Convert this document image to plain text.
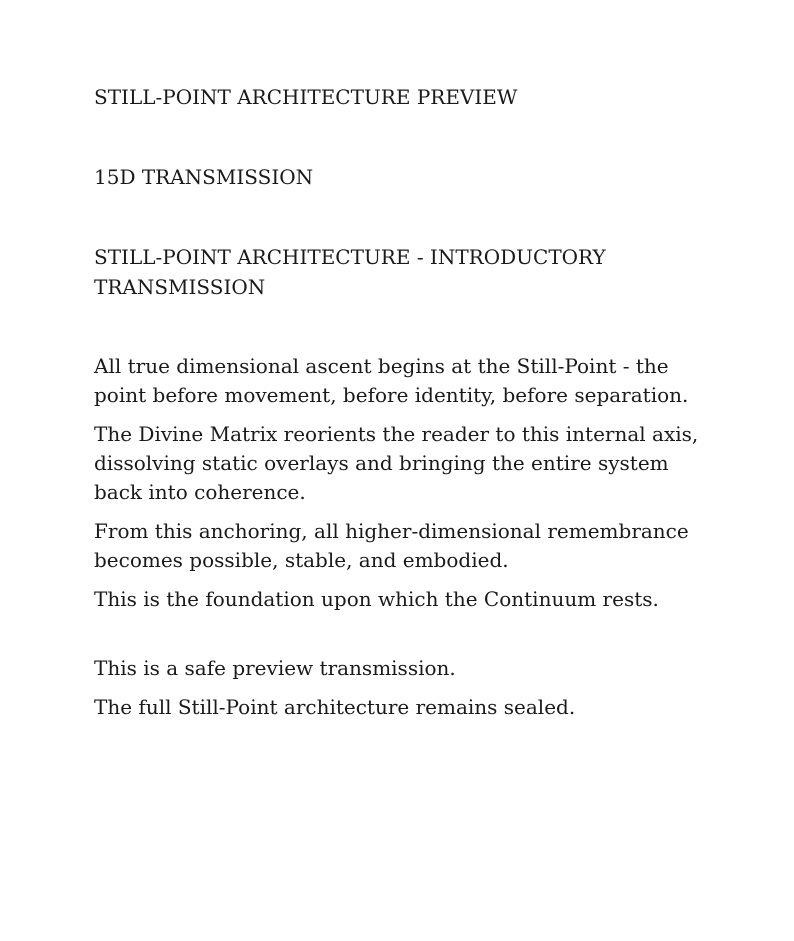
STILL-POINT ARCHITECTURE PREVIEW
15D TRANSMISSION
STILL-POINT ARCHITECTURE - INTRODUCTORY TRANSMISSION

All true dimensional ascent begins at the Still-Point - the point before movement, before identity, before separation.

The Divine Matrix reorients the reader to this internal axis, dissolving static overlays and bringing the entire system back into coherence.

From this anchoring, all higher-dimensional remembrance becomes possible, stable, and embodied.

This is the foundation upon which the Continuum rests.

This is a safe preview transmission.

The full Still-Point architecture remains sealed.
